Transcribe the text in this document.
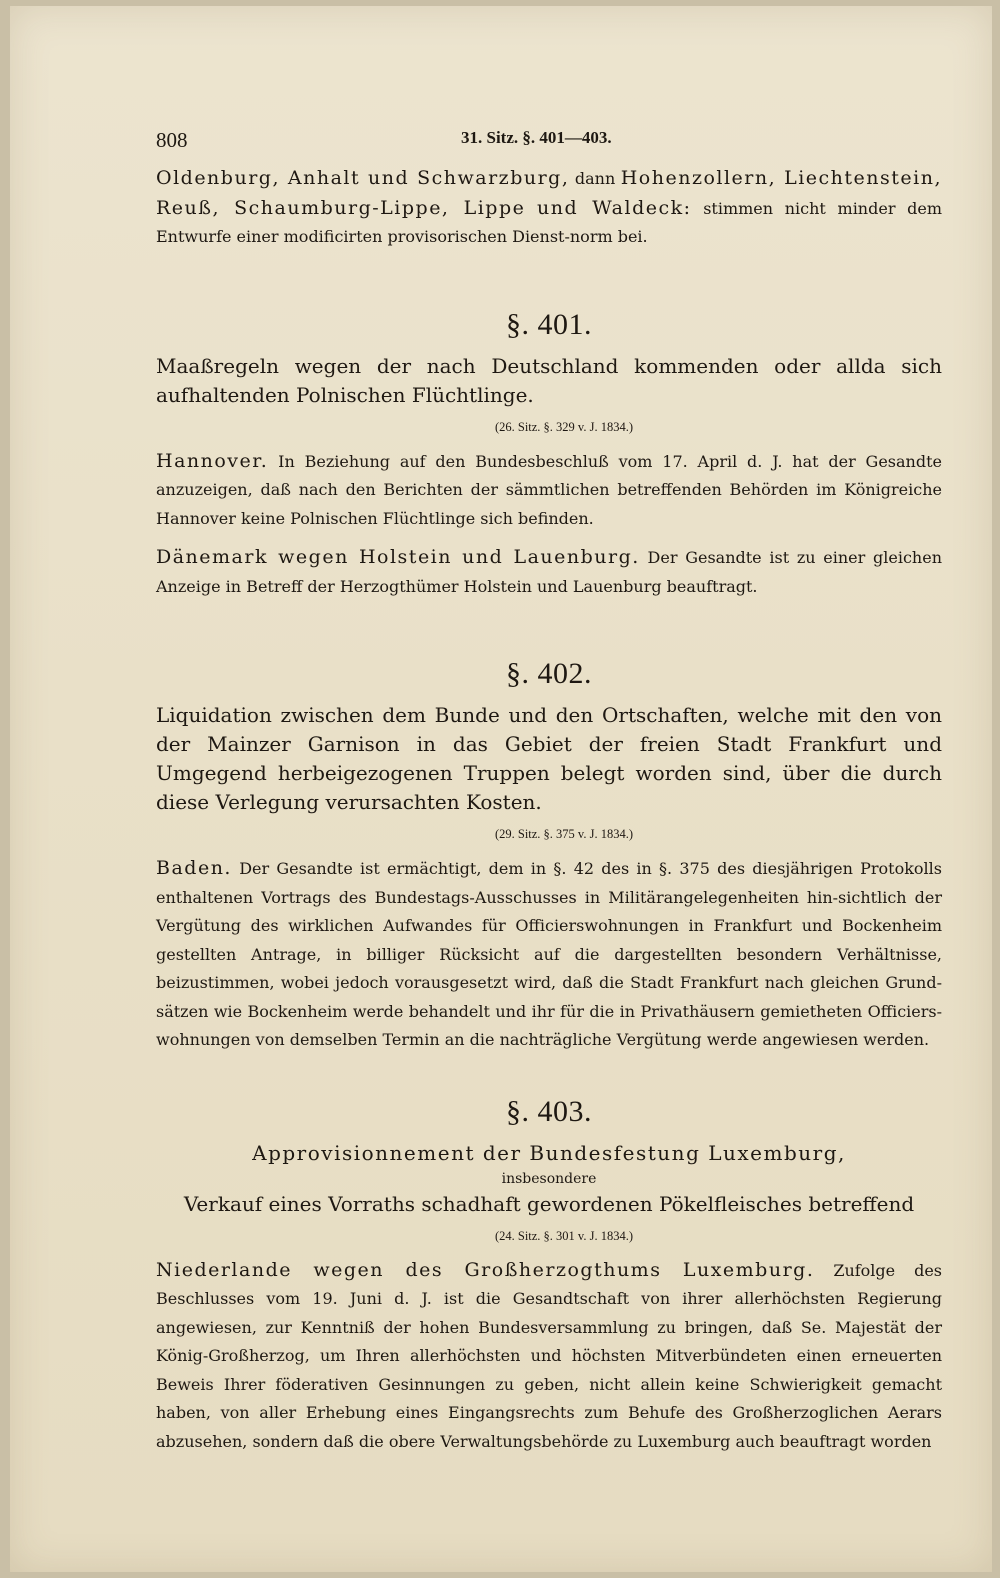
808	31. Sitz. §. 401—403.

Oldenburg, Anhalt und Schwarzburg, dann Hohenzollern, Liechtenstein, Reuß, Schaumburg-Lippe, Lippe und Waldeck: stimmen nicht minder dem Entwurfe einer modificirten provisorischen Dienst-norm bei.

§. 401.

Maaßregeln wegen der nach Deutschland kommenden oder allda sich aufhaltenden Polnischen Flüchtlinge.

(26. Sitz. §. 329 v. J. 1834.)

Hannover. In Beziehung auf den Bundesbeschluß vom 17. April d. J. hat der Gesandte anzuzeigen, daß nach den Berichten der sämmtlichen betreffenden Behörden im Königreiche Hannover keine Polnischen Flüchtlinge sich befinden.

Dänemark wegen Holstein und Lauenburg. Der Gesandte ist zu einer gleichen Anzeige in Betreff der Herzogthümer Holstein und Lauenburg beauftragt.

§. 402.

Liquidation zwischen dem Bunde und den Ortschaften, welche mit den von der Mainzer Garnison in das Gebiet der freien Stadt Frankfurt und Umgegend herbeigezogenen Truppen belegt worden sind, über die durch diese Verlegung verursachten Kosten.

(29. Sitz. §. 375 v. J. 1834.)

Baden. Der Gesandte ist ermächtigt, dem in §. 42 des in §. 375 des diesjährigen Protokolls enthaltenen Vortrags des Bundestags-Ausschusses in Militärangelegenheiten hin-sichtlich der Vergütung des wirklichen Aufwandes für Officierswohnungen in Frankfurt und Bockenheim gestellten Antrage, in billiger Rücksicht auf die dargestellten besondern Verhältnisse, beizustimmen, wobei jedoch vorausgesetzt wird, daß die Stadt Frankfurt nach gleichen Grund-sätzen wie Bockenheim werde behandelt und ihr für die in Privathäusern gemietheten Officiers-wohnungen von demselben Termin an die nachträgliche Vergütung werde angewiesen werden.

§. 403.

Approvisionnement der Bundesfestung Luxemburg,

insbesondere

Verkauf eines Vorraths schadhaft gewordenen Pökelfleisches betreffend

(24. Sitz. §. 301 v. J. 1834.)

Niederlande wegen des Großherzogthums Luxemburg. Zufolge des Beschlusses vom 19. Juni d. J. ist die Gesandtschaft von ihrer allerhöchsten Regierung angewiesen, zur Kenntniß der hohen Bundesversammlung zu bringen, daß Se. Majestät der König-Großherzog, um Ihren allerhöchsten und höchsten Mitverbündeten einen erneuerten Beweis Ihrer föderativen Gesinnungen zu geben, nicht allein keine Schwierigkeit gemacht haben, von aller Erhebung eines Eingangsrechts zum Behufe des Großherzoglichen Aerars abzusehen, sondern daß die obere Verwaltungsbehörde zu Luxemburg auch beauftragt worden
